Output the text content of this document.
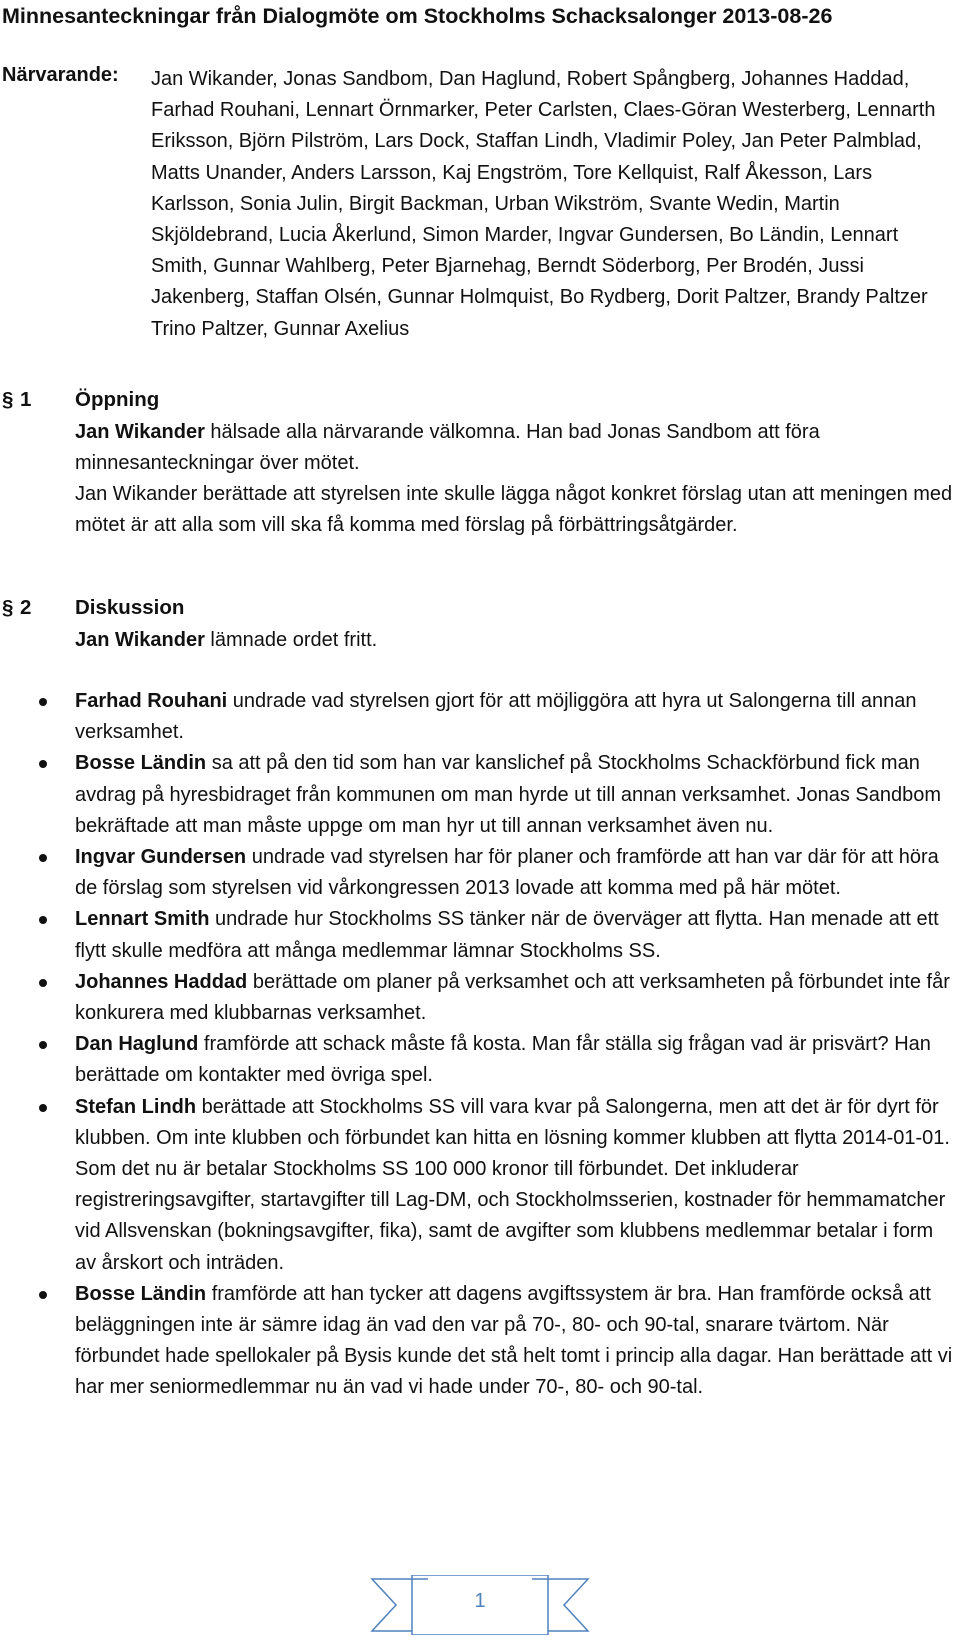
Minnesanteckningar från Dialogmöte om Stockholms Schacksalonger 2013-08-26
Närvarande: Jan Wikander, Jonas Sandbom, Dan Haglund, Robert Spångberg, Johannes Haddad, Farhad Rouhani, Lennart Örnmarker, Peter Carlsten, Claes-Göran Westerberg, Lennarth Eriksson, Björn Pilström, Lars Dock, Staffan Lindh, Vladimir Poley, Jan Peter Palmblad, Matts Unander, Anders Larsson, Kaj Engström, Tore Kellquist, Ralf Åkesson, Lars Karlsson, Sonia Julin, Birgit Backman, Urban Wikström, Svante Wedin, Martin Skjöldebrand, Lucia Åkerlund, Simon Marder, Ingvar Gundersen, Bo Ländin, Lennart Smith, Gunnar Wahlberg, Peter Bjarnehag, Berndt Söderborg, Per Brodén, Jussi Jakenberg, Staffan Olsén, Gunnar Holmquist, Bo Rydberg, Dorit Paltzer, Brandy Paltzer Trino Paltzer, Gunnar Axelius
§ 1 Öppning
Jan Wikander hälsade alla närvarande välkomna. Han bad Jonas Sandbom att föra minnesanteckningar över mötet.
Jan Wikander berättade att styrelsen inte skulle lägga något konkret förslag utan att meningen med mötet är att alla som vill ska få komma med förslag på förbättringsåtgärder.
§ 2 Diskussion
Jan Wikander lämnade ordet fritt.
Farhad Rouhani undrade vad styrelsen gjort för att möjliggöra att hyra ut Salongerna till annan verksamhet.
Bosse Ländin sa att på den tid som han var kanslichef på Stockholms Schackförbund fick man avdrag på hyresbidraget från kommunen om man hyrde ut till annan verksamhet. Jonas Sandbom bekräftade att man måste uppge om man hyr ut till annan verksamhet även nu.
Ingvar Gundersen undrade vad styrelsen har för planer och framförde att han var där för att höra de förslag som styrelsen vid vårkongressen 2013 lovade att komma med på här mötet.
Lennart Smith undrade hur Stockholms SS tänker när de överväger att flytta. Han menade att ett flytt skulle medföra att många medlemmar lämnar Stockholms SS.
Johannes Haddad berättade om planer på verksamhet och att verksamheten på förbundet inte får konkurera med klubbarnas verksamhet.
Dan Haglund framförde att schack måste få kosta. Man får ställa sig frågan vad är prisvärt? Han berättade om kontakter med övriga spel.
Stefan Lindh berättade att Stockholms SS vill vara kvar på Salongerna, men att det är för dyrt för klubben. Om inte klubben och förbundet kan hitta en lösning kommer klubben att flytta 2014-01-01. Som det nu är betalar Stockholms SS 100 000 kronor till förbundet. Det inkluderar registreringsavgifter, startavgifter till Lag-DM, och Stockholmsserien, kostnader för hemmamatcher vid Allsvenskan (bokningsavgifter, fika), samt de avgifter som klubbens medlemmar betalar i form av årskort och inträden.
Bosse Ländin framförde att han tycker att dagens avgiftssystem är bra. Han framförde också att beläggningen inte är sämre idag än vad den var på 70-, 80- och 90-tal, snarare tvärtom. När förbundet hade spellokaler på Bysis kunde det stå helt tomt i princip alla dagar. Han berättade att vi har mer seniormedlemmar nu än vad vi hade under 70-, 80- och 90-tal.
1
